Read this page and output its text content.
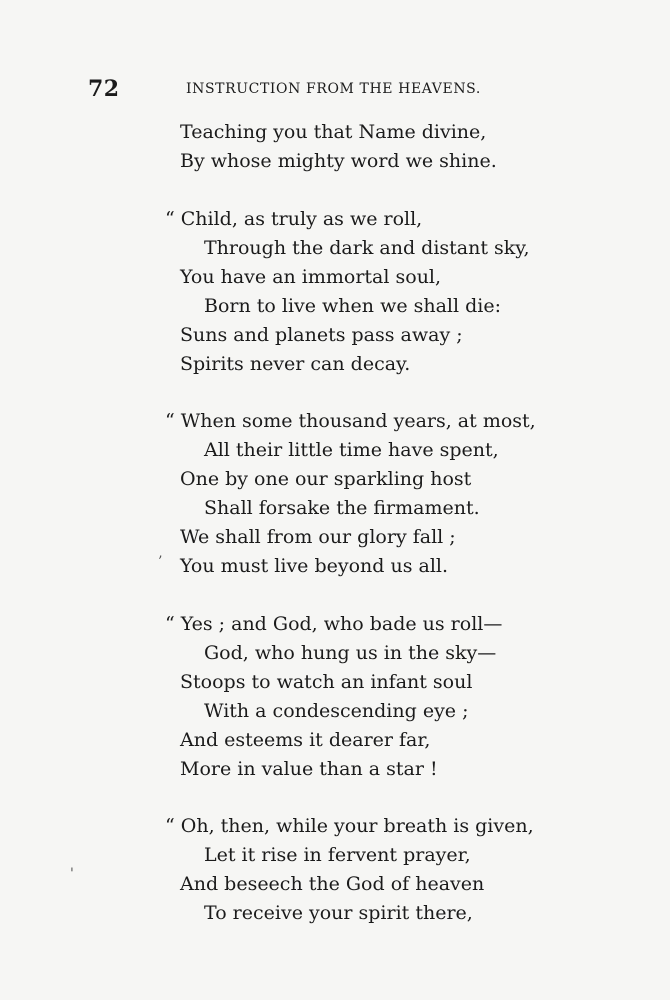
72	INSTRUCTION FROM THE HEAVENS.
Teaching you that Name divine,
By whose mighty word we shine.
“ Child, as truly as we roll,
Through the dark and distant sky,
You have an immortal soul,
Born to live when we shall die:
Suns and planets pass away ;
Spirits never can decay.
“ When some thousand years, at most,
All their little time have spent,
One by one our sparkling host
Shall forsake the firmament.
We shall from our glory fall ;
’ You must live beyond us all.
“ Yes ; and God, who bade us roll—
God, who hung us in the sky—
Stoops to watch an infant soul
With a condescending eye ;
And esteems it dearer far,
More in value than a star !
“ Oh, then, while your breath is given,
Let it rise in fervent prayer,
And beseech the God of heaven
To receive your spirit there,
'
